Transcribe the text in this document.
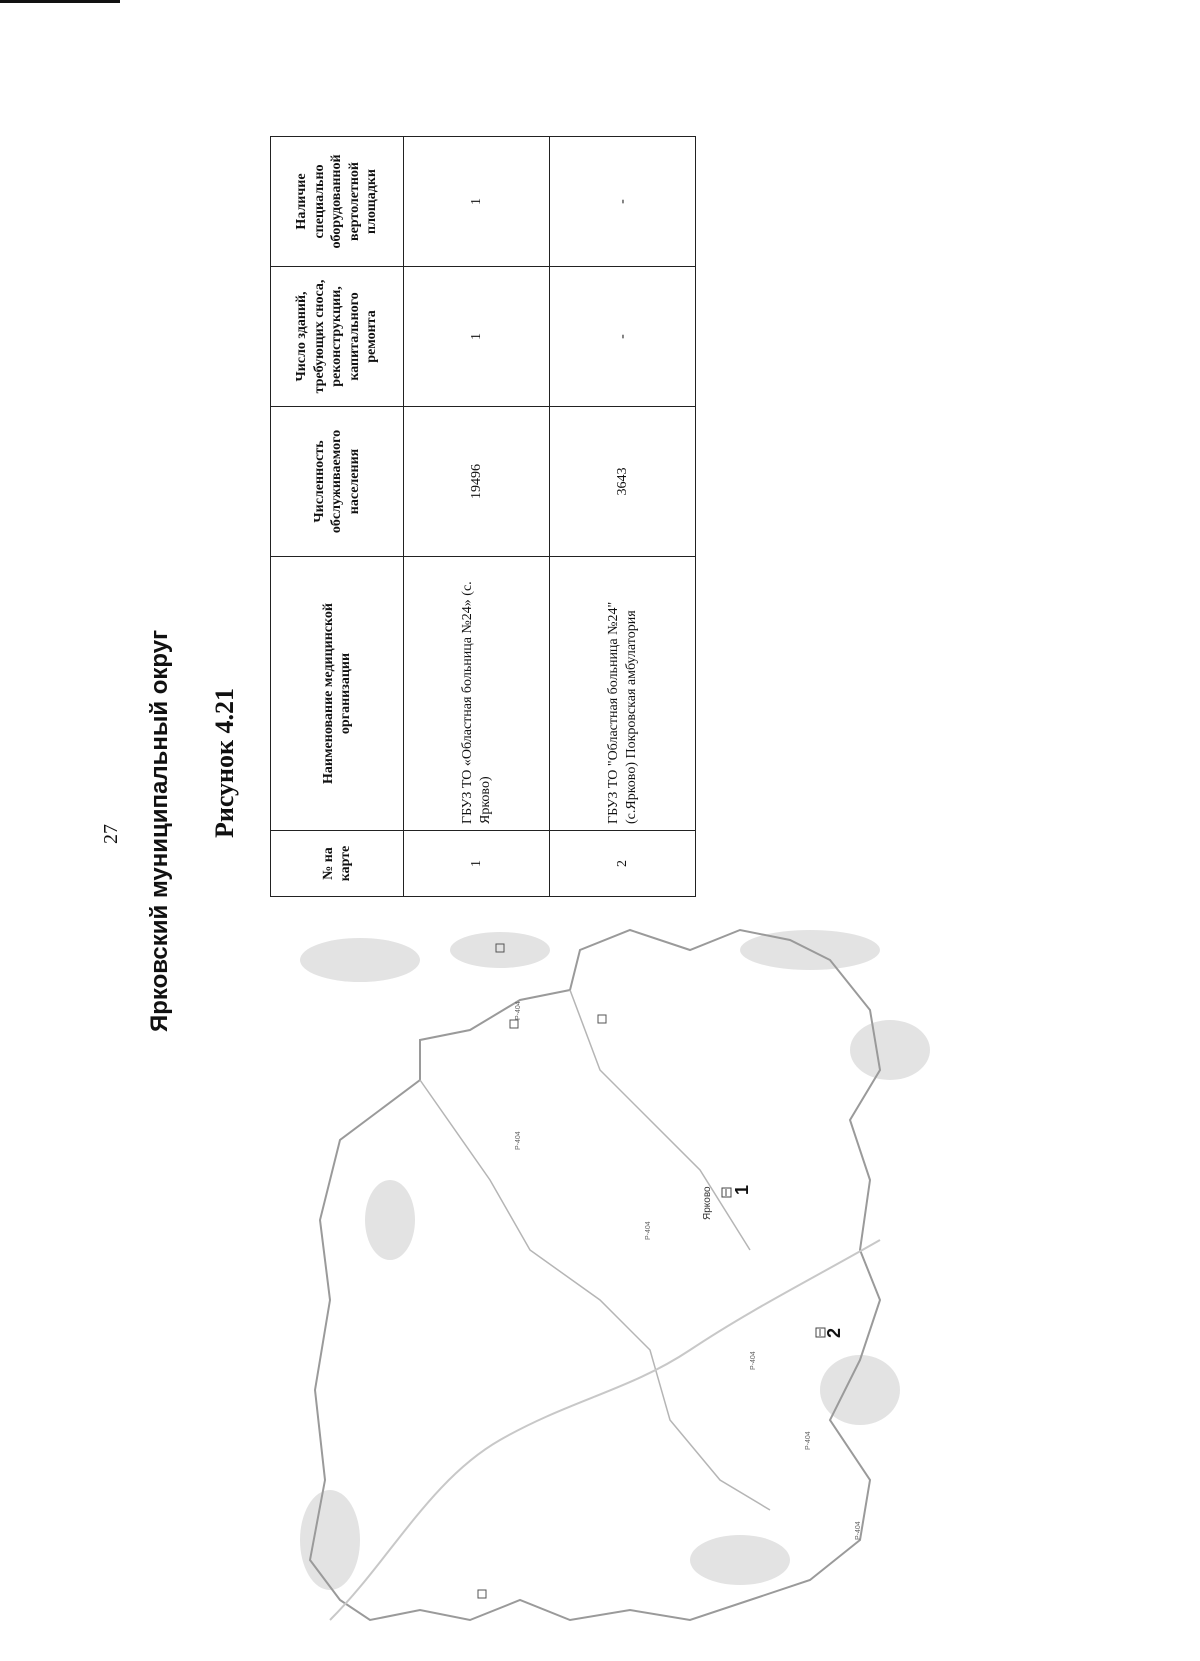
27 Ярковский муниципальный округ Рисунок 4.21
№ на карте	Наименование медицинской организации	Численность обслуживаемого населения	Число зданий, требующих сноса, реконструкции, капитального ремонта	Наличие специально оборудованной вертолетной площадки
1	ГБУЗ ТО «Областная больница №24» (с. Ярково)	19496	1	1
2	ГБУЗ ТО "Областная больница №24" (с.Ярково) Покровская амбулатория	3643	-	-
Р-404
Р-404
Р-404
Р-404
Р-404
Р-404
Ярково 1
2
